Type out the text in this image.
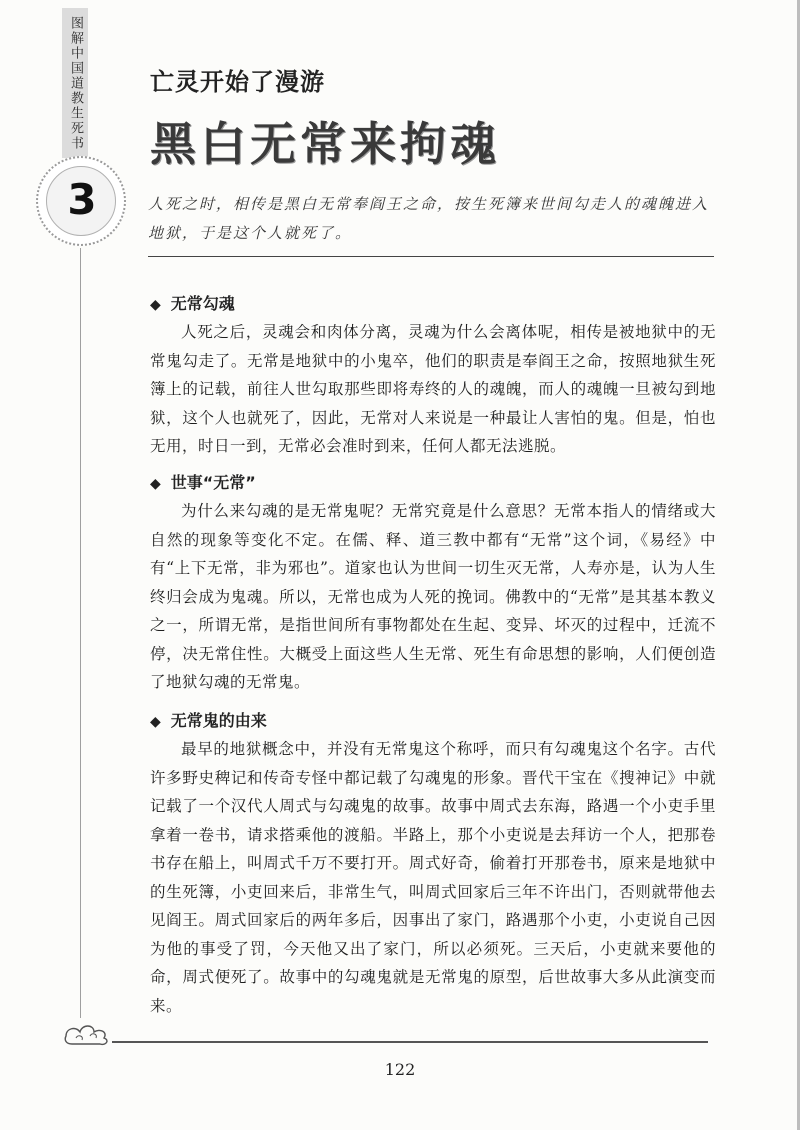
图解中国道教生死书
3
亡灵开始了漫游
黑白无常来拘魂

人死之时，相传是黑白无常奉阎王之命，按生死簿来世间勾走人的魂魄进入地狱，于是这个人就死了。

◆ 无常勾魂

人死之后，灵魂会和肉体分离，灵魂为什么会离体呢，相传是被地狱中的无常鬼勾走了。无常是地狱中的小鬼卒，他们的职责是奉阎王之命，按照地狱生死簿上的记载，前往人世勾取那些即将寿终的人的魂魄，而人的魂魄一旦被勾到地狱，这个人也就死了，因此，无常对人来说是一种最让人害怕的鬼。但是，怕也无用，时日一到，无常必会准时到来，任何人都无法逃脱。

◆ 世事“无常”

为什么来勾魂的是无常鬼呢？无常究竟是什么意思？无常本指人的情绪或大自然的现象等变化不定。在儒、释、道三教中都有“无常”这个词，《易经》中有“上下无常，非为邪也”。道家也认为世间一切生灭无常，人寿亦是，认为人生终归会成为鬼魂。所以，无常也成为人死的挽词。佛教中的“无常”是其基本教义之一，所谓无常，是指世间所有事物都处在生起、变异、坏灭的过程中，迁流不停，决无常住性。大概受上面这些人生无常、死生有命思想的影响，人们便创造了地狱勾魂的无常鬼。

◆ 无常鬼的由来

最早的地狱概念中，并没有无常鬼这个称呼，而只有勾魂鬼这个名字。古代许多野史稗记和传奇专怪中都记载了勾魂鬼的形象。晋代干宝在《搜神记》中就记载了一个汉代人周式与勾魂鬼的故事。故事中周式去东海，路遇一个小吏手里拿着一卷书，请求搭乘他的渡船。半路上，那个小吏说是去拜访一个人，把那卷书存在船上，叫周式千万不要打开。周式好奇，偷着打开那卷书，原来是地狱中的生死簿，小吏回来后，非常生气，叫周式回家后三年不许出门，否则就带他去见阎王。周式回家后的两年多后，因事出了家门，路遇那个小吏，小吏说自己因为他的事受了罚，今天他又出了家门，所以必须死。三天后，小吏就来要他的命，周式便死了。故事中的勾魂鬼就是无常鬼的原型，后世故事大多从此演变而来。

122
